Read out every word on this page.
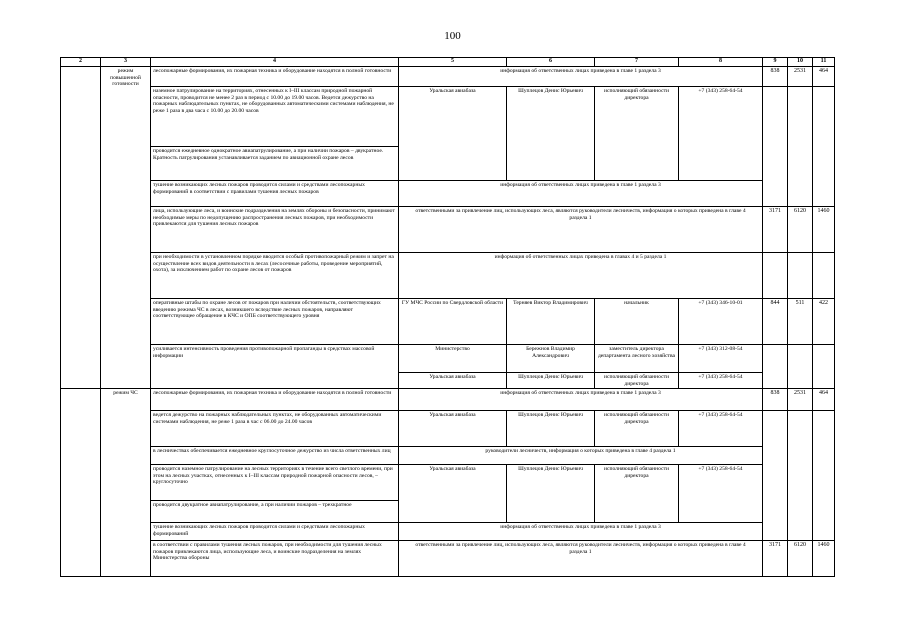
100
2	3	4	5	6	7	8	9	10	11
	режим повышенной готовности	лесопожарные формирования, их пожарная техника и оборудование находятся в полной готовности	информация об ответственных лицах приведена в главе 1 раздела 3				838	2531	464
		наземное патрулирование на территориях, отнесенных к I–III классам природной пожарной опасности, проводится не менее 2 раз в период с 10.00 до 19.00 часов. Ведется дежурство на пожарных наблюдательных пунктах, не оборудованных автоматическими системами наблюдения, не реже 1 раза в два часа с 10.00 до 20.00 часов	Уральская авиабаза	Шуплецов Денис Юрьевич	исполняющий обязанности директора	+7 (343) 258-64-54			
		проводится ежедневное однократное авиапатрулирование, а при наличии пожаров – двукратное. Кратность патрулирования устанавливается заданием по авиационной охране лесов							
		тушение возникающих лесных пожаров проводится силами и средствами лесопожарных формирований в соответствии с правилами тушения лесных пожаров	информация об ответственных лицах приведена в главе 1 раздела 3						
		лица, использующие леса, и воинские подразделения на землях обороны и безопасности, принимают необходимые меры по недопущению распространения лесных пожаров, при необходимости привлекаются для тушения лесных пожаров	ответственными за привлечение лиц, использующих леса, являются руководители лесничеств, информация о которых приведена в главе 4 раздела 1				3171	6120	1460
		при необходимости в установленном порядке вводится особый противопожарный режим и запрет на осуществление всех видов деятельности в лесах (лесосечные работы, проведение мероприятий, охота), за исключением работ по охране лесов от пожаров	информация об ответственных лицах приведена в главах 4 и 5 раздела 1						
		оперативные штабы по охране лесов от пожаров при наличии обстоятельств, соответствующих введению режима ЧС в лесах, возникшего вследствие лесных пожаров, направляют соответствующее обращение в КЧС и ОПБ соответствующего уровня	ГУ МЧС России по Свердловской области	Терняев Виктор Владимирович	начальник	+7 (343) 346-10-01	844	511	422
		усиливается интенсивность проведения противопожарной пропаганды в средствах массовой информации	Министерство	Бережнов Владимир Александрович	заместитель директора департамента лесного хозяйства	+7 (343) 312-08-54			
			Уральская авиабаза	Шуплецов Денис Юрьевич	исполняющий обязанности директора	+7 (343) 258-64-54			
	режим ЧС	лесопожарные формирования, их пожарная техника и оборудование находятся в полной готовности	информация об ответственных лицах приведена в главе 1 раздела 3				838	2531	464
		ведется дежурство на пожарных наблюдательных пунктах, не оборудованных автоматическими системами наблюдения, не реже 1 раза в час с 06.00 до 24.00 часов	Уральская авиабаза	Шуплецов Денис Юрьевич	исполняющий обязанности директора	+7 (343) 258-64-54			
		в лесничествах обеспечивается ежедневное круглосуточное дежурство из числа ответственных лиц	руководители лесничеств, информация о которых приведена в главе 4 раздела 1						
		проводится наземное патрулирование на лесных территориях в течение всего светлого времени, при этом на лесных участках, отнесенных к I–III классам природной пожарной опасности лесов, – круглосуточно	Уральская авиабаза	Шуплецов Денис Юрьевич	исполняющий обязанности директора	+7 (343) 258-64-54			
		проводится двукратное авиапатрулирование, а при наличии пожаров – трехкратное							
		тушение возникающих лесных пожаров проводится силами и средствами лесопожарных формирований	информация об ответственных лицах приведена в главе 1 раздела 3						
		в соответствии с правилами тушения лесных пожаров, при необходимости для тушения лесных пожаров привлекаются лица, использующие леса, и воинские подразделения на землях Министерства обороны	ответственными за привлечение лиц, использующих леса, являются руководители лесничеств, информация о которых приведена в главе 4 раздела 1				3171	6120	1460
